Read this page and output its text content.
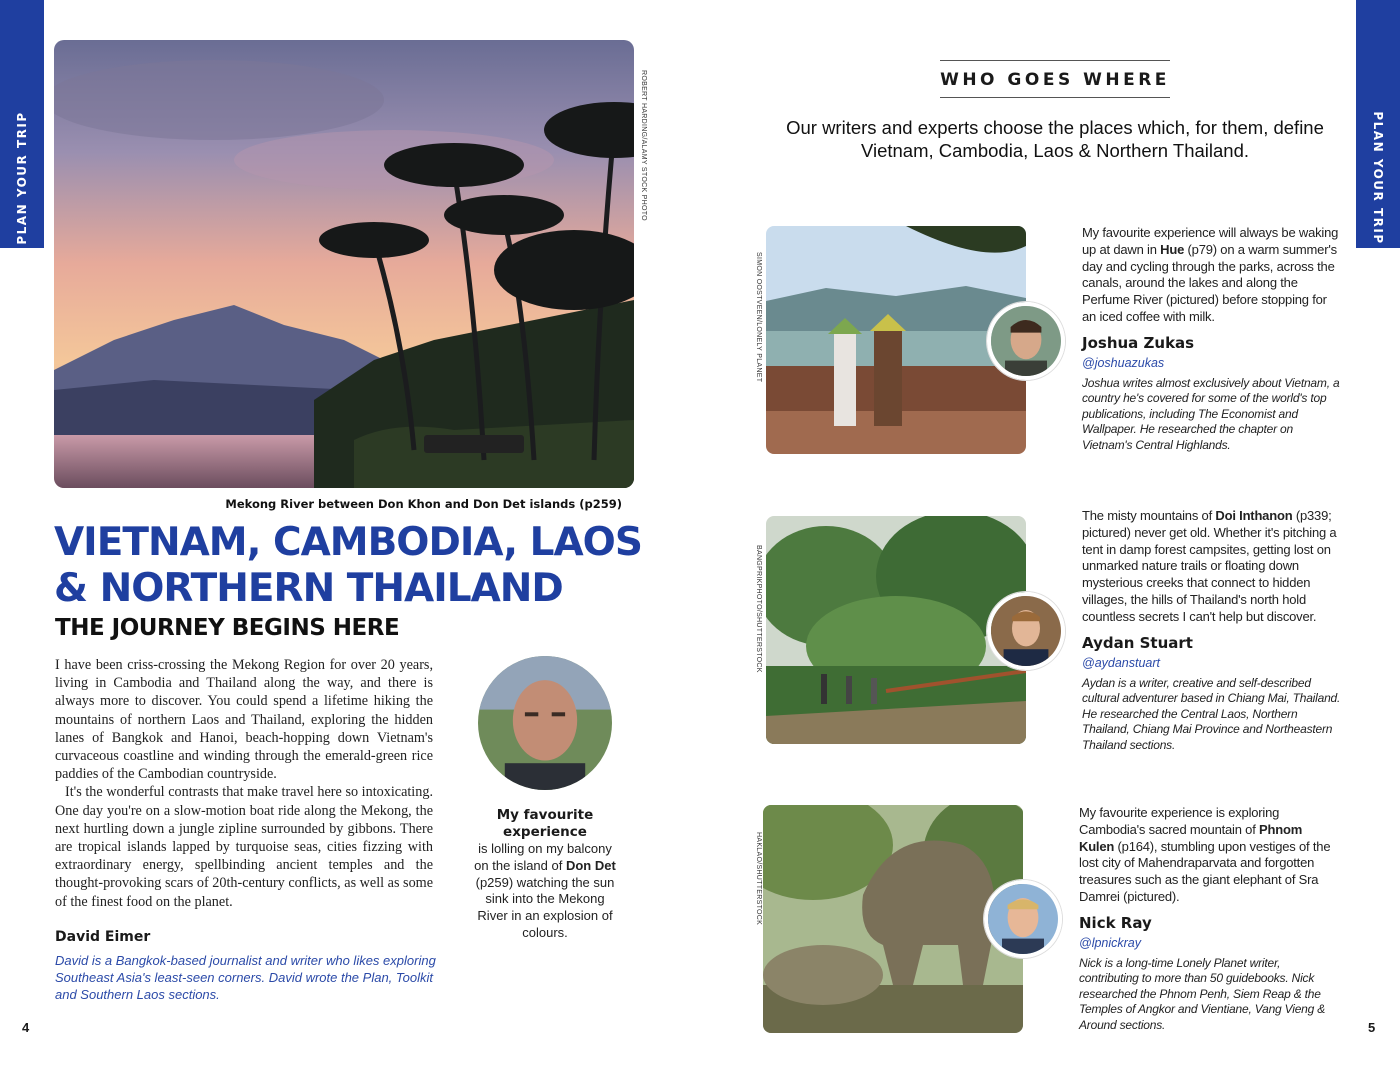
PLAN YOUR TRIP	PLAN YOUR TRIP
ROBERT HARDING/ALAMY STOCK PHOTO
Mekong River between Don Khon and Don Det islands (p259)
VIETNAM, CAMBODIA, LAOS
& NORTHERN THAILAND
THE JOURNEY BEGINS HERE

I have been criss-crossing the Mekong Region for over 20 years, living in Cambodia and Thailand along the way, and there is always more to discover. You could spend a lifetime hiking the mountains of northern Laos and Thailand, exploring the hidden lanes of Bangkok and Hanoi, beach-hopping down Vietnam's curvaceous coastline and winding through the emerald-green rice paddies of the Cambodian countryside.

It's the wonderful contrasts that make travel here so intoxicating. One day you're on a slow-motion boat ride along the Mekong, the next hurtling down a jungle zipline surrounded by gibbons. There are tropical islands lapped by turquoise seas, cities fizzing with extraordinary energy, spellbinding ancient temples and the thought-provoking scars of 20th-century conflicts, as well as some of the finest food on the planet.

David Eimer
David is a Bangkok-based journalist and writer who likes exploring Southeast Asia's least-seen corners. David wrote the Plan, Toolkit and Southern Laos sections.
My favourite experience
is lolling on my balcony on the island of Don Det (p259) watching the sun sink into the Mekong River in an explosion of colours.
4	5
WHO GOES WHERE
Our writers and experts choose the places which, for them, define Vietnam, Cambodia, Laos & Northern Thailand.
SIMON OOSTVEEN/LONELY PLANET
My favourite experience will always be waking up at dawn in Hue (p79) on a warm summer's day and cycling through the parks, across the canals, around the lakes and along the Perfume River (pictured) before stopping for an iced coffee with milk.
Joshua Zukas
@joshuazukas
Joshua writes almost exclusively about Vietnam, a country he's covered for some of the world's top publications, including The Economist and Wallpaper. He researched the chapter on Vietnam's Central Highlands.
BANGPRIKPHOTO/SHUTTERSTOCK
The misty mountains of Doi Inthanon (p339; pictured) never get old. Whether it's pitching a tent in damp forest campsites, getting lost on unmarked nature trails or floating down mysterious creeks that connect to hidden villages, the hills of Thailand's north hold countless secrets I can't help but discover.
Aydan Stuart
@aydanstuart
Aydan is a writer, creative and self-described cultural adventurer based in Chiang Mai, Thailand. He researched the Central Laos, Northern Thailand, Chiang Mai Province and Northeastern Thailand sections.
HAKLAO/SHUTTERSTOCK
My favourite experience is exploring Cambodia's sacred mountain of Phnom Kulen (p164), stumbling upon vestiges of the lost city of Mahendraparvata and forgotten treasures such as the giant elephant of Sra Damrei (pictured).
Nick Ray
@lpnickray
Nick is a long-time Lonely Planet writer, contributing to more than 50 guidebooks. Nick researched the Phnom Penh, Siem Reap & the Temples of Angkor and Vientiane, Vang Vieng & Around sections.
